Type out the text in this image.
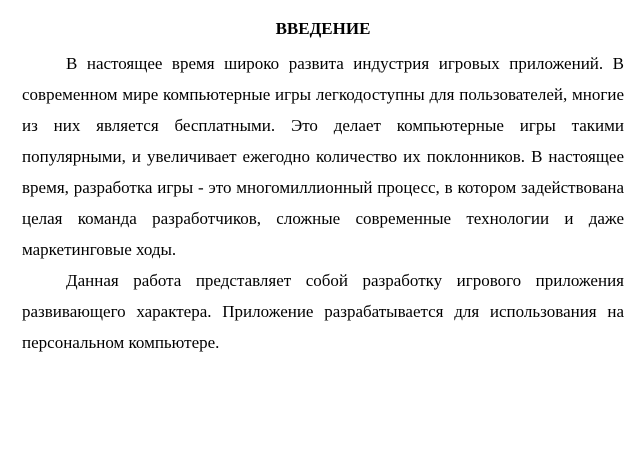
ВВЕДЕНИЕ

В настоящее время широко развита индустрия игровых приложений. В современном мире компьютерные игры легкодоступны для пользователей, многие из них является бесплатными. Это делает компьютерные игры такими популярными, и увеличивает ежегодно количество их поклонников. В настоящее время, разработка игры - это многомиллионный процесс, в котором задействована целая команда разработчиков, сложные современные технологии и даже маркетинговые ходы.

Данная работа представляет собой разработку игрового приложения развивающего характера. Приложение разрабатывается для использования на персональном компьютере.
